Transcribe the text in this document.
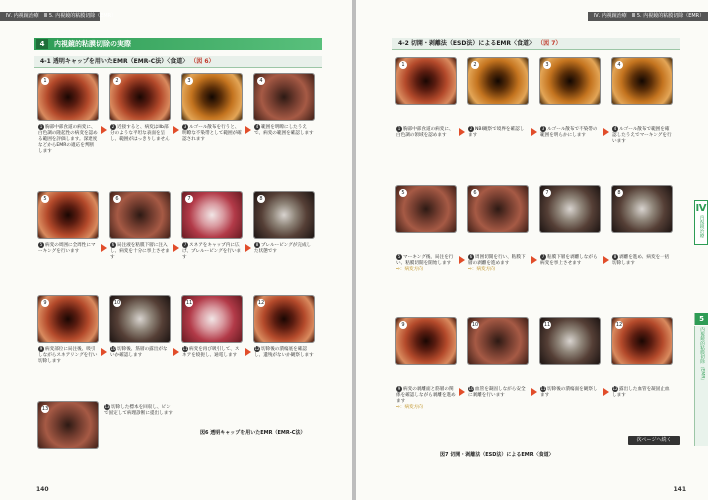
Ⅳ. 内視鏡治療　Ⅲ 5. 内視鏡的粘膜切除（EMR）
4	内視鏡的粘膜切除の実際
4-1 透明キャップを用いたEMR（EMR-C法）〈食道〉 （図 6）
1	2	3	4
1 胸部中部食道の病変に、白色調の隆起性の病変を認める範囲を評価します。深達度などからEMRの適応を判断します
2 近接すると、病変はIIb部分のような平坦な表面を呈し、範囲がはっきりしません
3 ルゴール散布を行うと、明瞭な不染帯として範囲が確認されます
4 範囲を明瞭にしたうえで、病変の範囲を確認します
5	6	7	8
5 病変の周囲に全周性にマーキングを行います
6 局注液を粘膜下層に注入し、病変を十分に挙上させます
7 スネアをキャップ内に広げ、プレルーピングを行います
8 プレルーピングが完成した状態です
9	10	11	12
9 病変部位に局注後、吸引しながらスネアリングを行い切除します
10切除後、筋層の露出がないか確認します
11病変を再び吸引して、スネアを絞扼し、通電します
12切除後の潰瘍底を確認し、遺残がないか観察します
13	13切除した標本を回収し、ピンで固定して病理診断に提出します
図6 透明キャップを用いたEMR（EMR-C法）
140
Ⅳ. 内視鏡治療　Ⅲ 5. 内視鏡的粘膜切除（EMR）
4-2 切開・剥離法（ESD法）によるEMR〈食道〉 （図 7）
1	2	3	4
1 胸部中部食道の病変に、白色調の領域を認めます
2 NBI観察で境界を確認します
3 ルゴール散布で不染帯の範囲を明らかにします
4 ルゴール散布で範囲を確認したうえでマーキングを行います
5	6	7	8
5 マーキング後、局注を行い、粘膜切開を開始します
⇨：病変方向
6 周囲切開を行い、粘膜下層の剥離を進めます
⇨：病変方向
7 粘膜下層を剥離しながら病変を挙上させます
8 剥離を進め、病変を一括切除します
9	10	11	12
9 病変の剥離面と筋層の関係を確認しながら剥離を進めます
⇨：病変方向
10血管を凝固しながら安全に剥離を行います
11切除後の潰瘍面を観察します
12露出した血管を凝固止血します
次ページへ続く
図7 切開・剥離法（ESD法）によるEMR〈食道〉
Ⅳ
内視鏡治療
5
内視鏡的粘膜切除（EMR）
141
